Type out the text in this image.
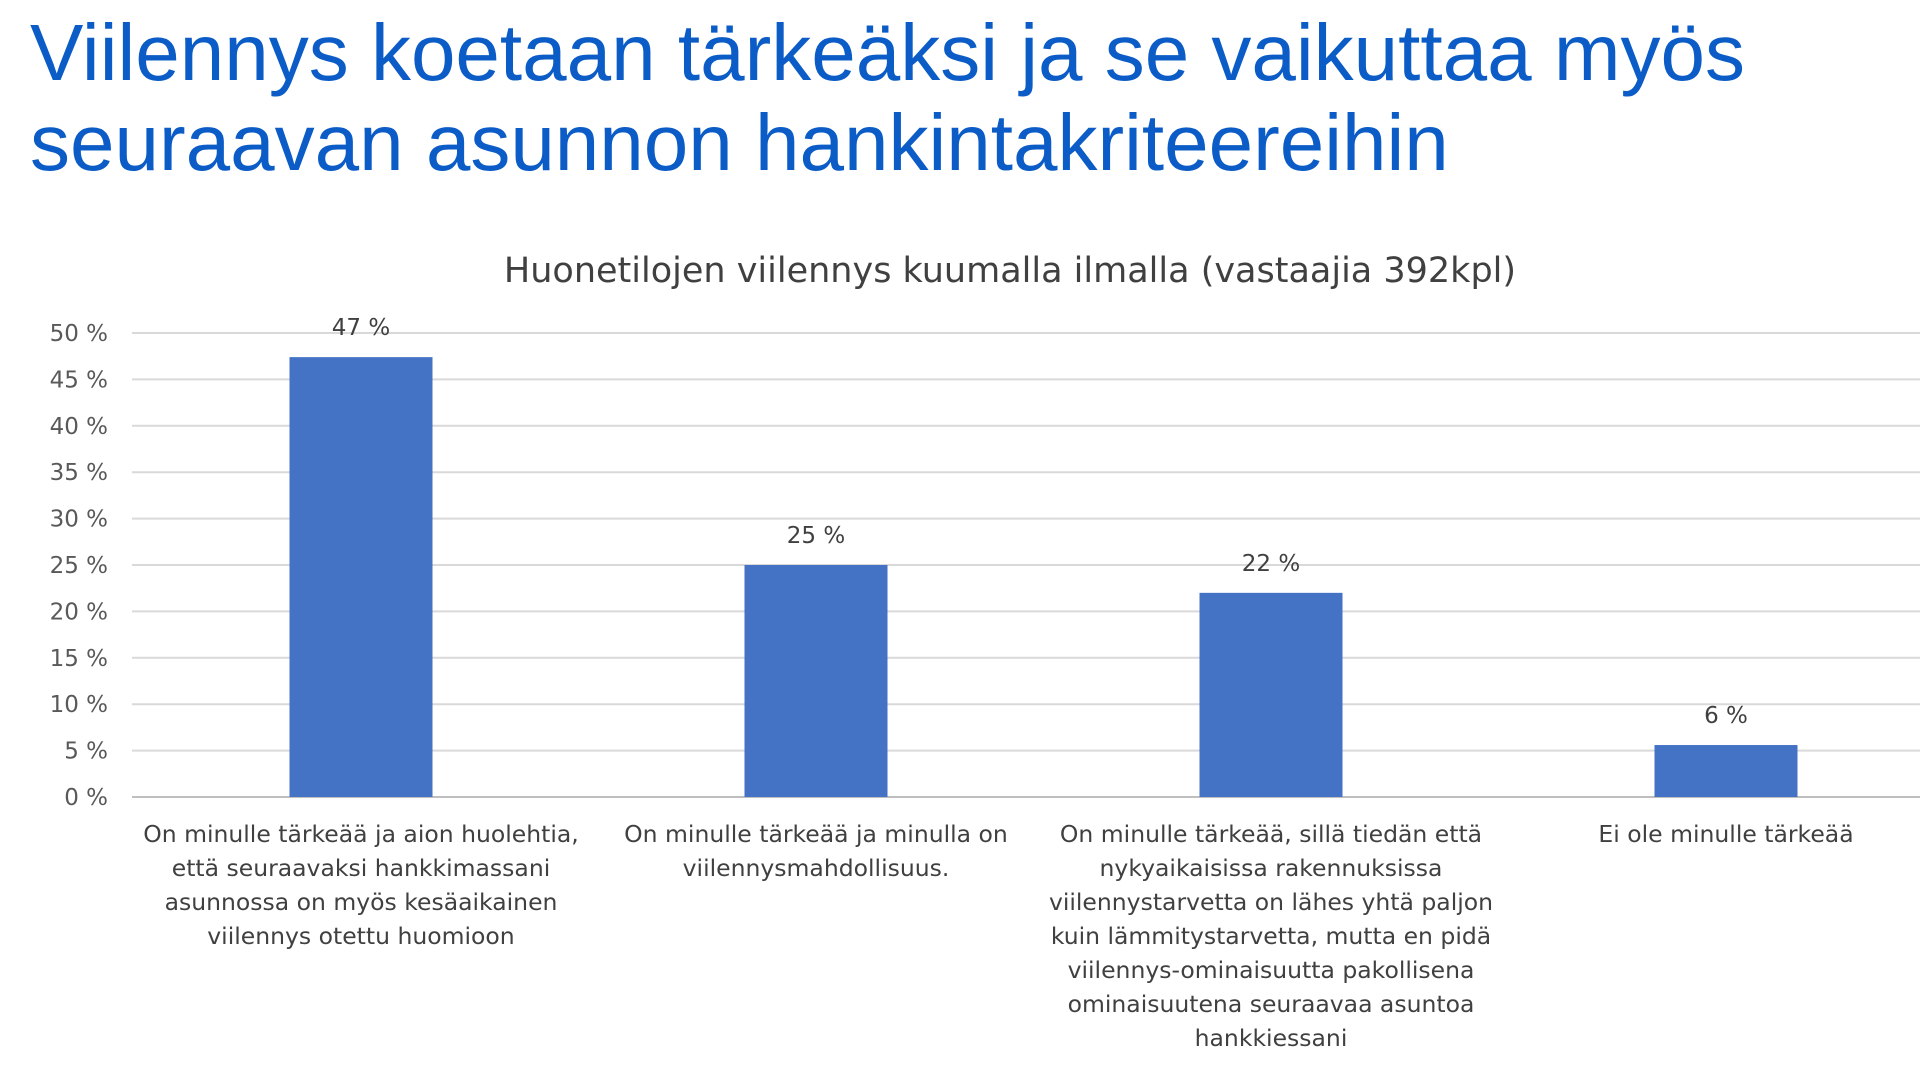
Viilennys koetaan tärkeäksi ja se vaikuttaa myös
seuraavan asunnon hankintakriteereihin
Huonetilojen viilennys kuumalla ilmalla (vastaajia 392kpl)
0 %
5 %
10 %
15 %
20 %
25 %
30 %
35 %
40 %
45 %
50 %	47 %
25 %
22 %
6 %
On minulle tärkeää ja aion huolehtia, että seuraavaksi hankkimassani asunnossa on myös kesäaikainen viilennys otettu huomioon
On minulle tärkeää ja minulla on viilennysmahdollisuus.
On minulle tärkeää, sillä tiedän että nykyaikaisissa rakennuksissa viilennystarvetta on lähes yhtä paljon kuin lämmitystarvetta, mutta en pidä viilennys-ominaisuutta pakollisena ominaisuutena seuraavaa asuntoa hankkiessani
Ei ole minulle tärkeää
